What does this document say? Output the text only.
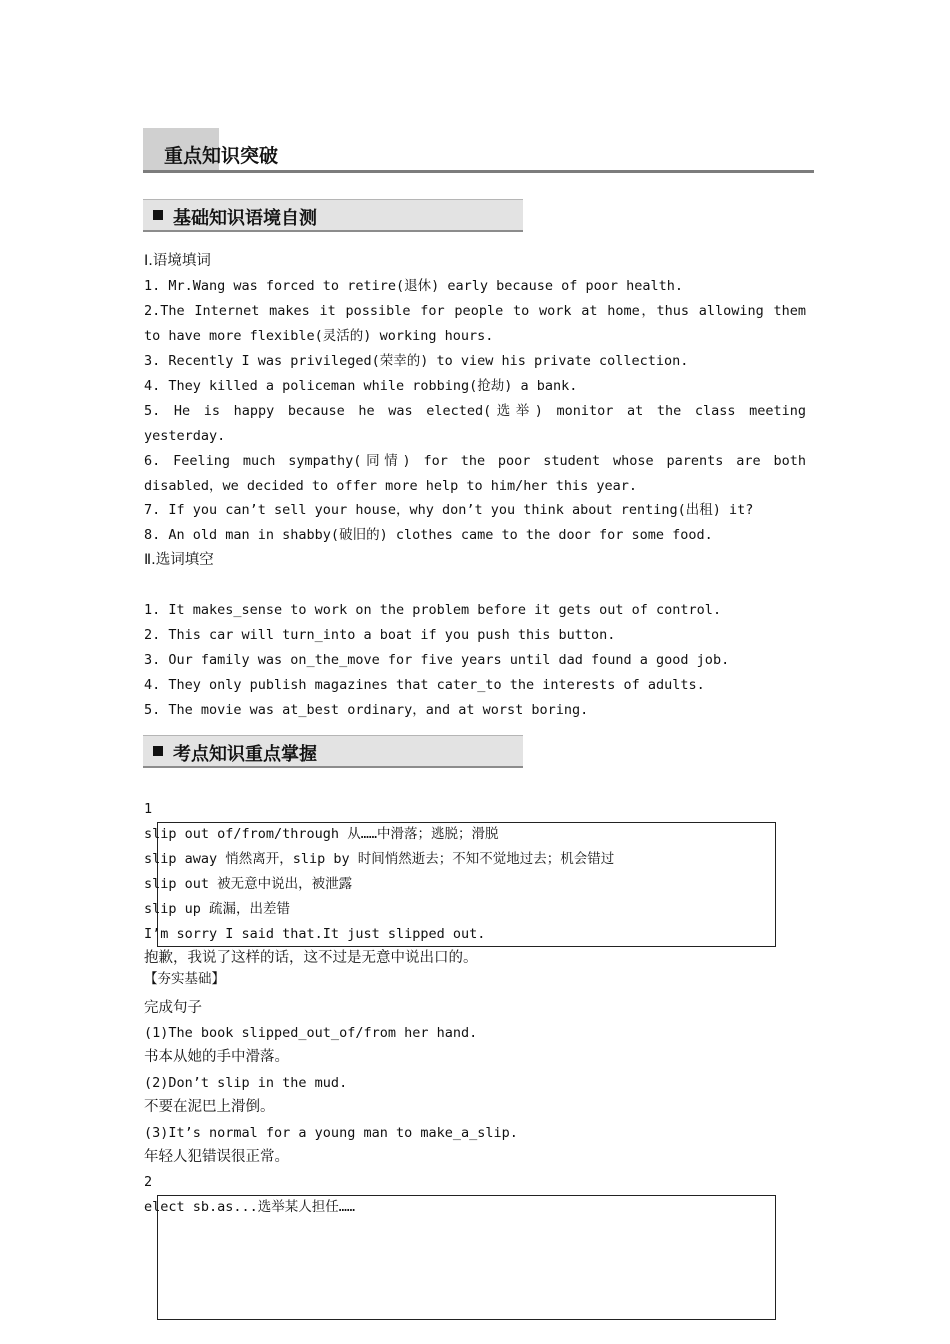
重点知识突破
基础知识语境自测
Ⅰ.语境填词
1. Mr.Wang was forced to retire(退休) early because of poor health.
2.The Internet makes it possible for people to work at home，thus allowing them
to have more flexible(灵活的) working hours.
3. Recently I was privileged(荣幸的) to view his private collection.
4. They killed a policeman while robbing(抢劫) a bank.
5. He is happy because he was elected(选举) monitor at the class meeting
yesterday.
6. Feeling much sympathy(同情) for the poor student whose parents are both
disabled，we decided to offer more help to him/her this year.
7. If you can’t sell your house，why don’t you think about renting(出租) it?
8. An old man in shabby(破旧的) clothes came to the door for some food.
Ⅱ.选词填空
1. It makes_sense to work on the problem before it gets out of control.
2. This car will turn_into a boat if you push this button.
3. Our family was on_the_move for five years until dad found a good job.
4. They only publish magazines that cater_to the interests of adults.
5. The movie was at_best ordinary，and at worst boring.
考点知识重点掌握
1
slip out of/from/through 从……中滑落；逃脱；滑脱
slip away 悄然离开，slip by 时间悄然逝去；不知不觉地过去；机会错过
slip out 被无意中说出，被泄露
slip up 疏漏，出差错
I’m sorry I said that.It just slipped out.
抱歉，我说了这样的话，这不过是无意中说出口的。
【夯实基础】
完成句子
(1)The book slipped_out_of/from her hand.
书本从她的手中滑落。
(2)Don’t slip in the mud.
不要在泥巴上滑倒。
(3)It’s normal for a young man to make_a_slip.
年轻人犯错误很正常。
2
elect sb.as...选举某人担任……
